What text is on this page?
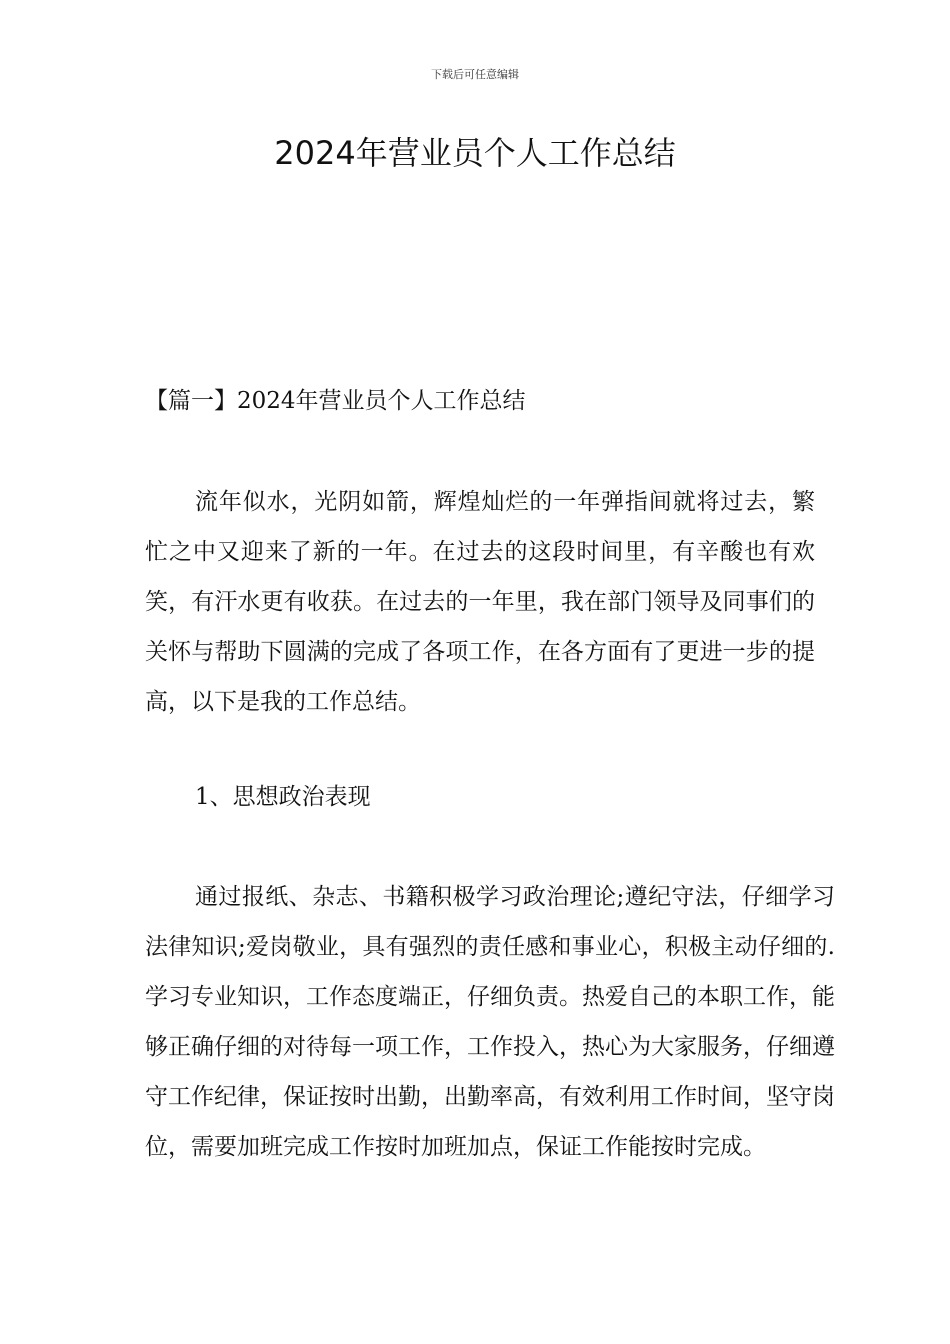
下载后可任意编辑
2024年营业员个人工作总结
【篇一】2024年营业员个人工作总结

流年似水，光阴如箭，辉煌灿烂的一年弹指间就将过去，繁忙之中又迎来了新的一年。在过去的这段时间里，有辛酸也有欢笑，有汗水更有收获。在过去的一年里，我在部门领导及同事们的关怀与帮助下圆满的完成了各项工作，在各方面有了更进一步的提高，以下是我的工作总结。

1、思想政治表现

通过报纸、杂志、书籍积极学习政治理论;遵纪守法，仔细学习法律知识;爱岗敬业，具有强烈的责任感和事业心，积极主动仔细的.学习专业知识，工作态度端正，仔细负责。热爱自己的本职工作，能够正确仔细的对待每一项工作，工作投入，热心为大家服务，仔细遵守工作纪律，保证按时出勤，出勤率高，有效利用工作时间，坚守岗位，需要加班完成工作按时加班加点，保证工作能按时完成。
